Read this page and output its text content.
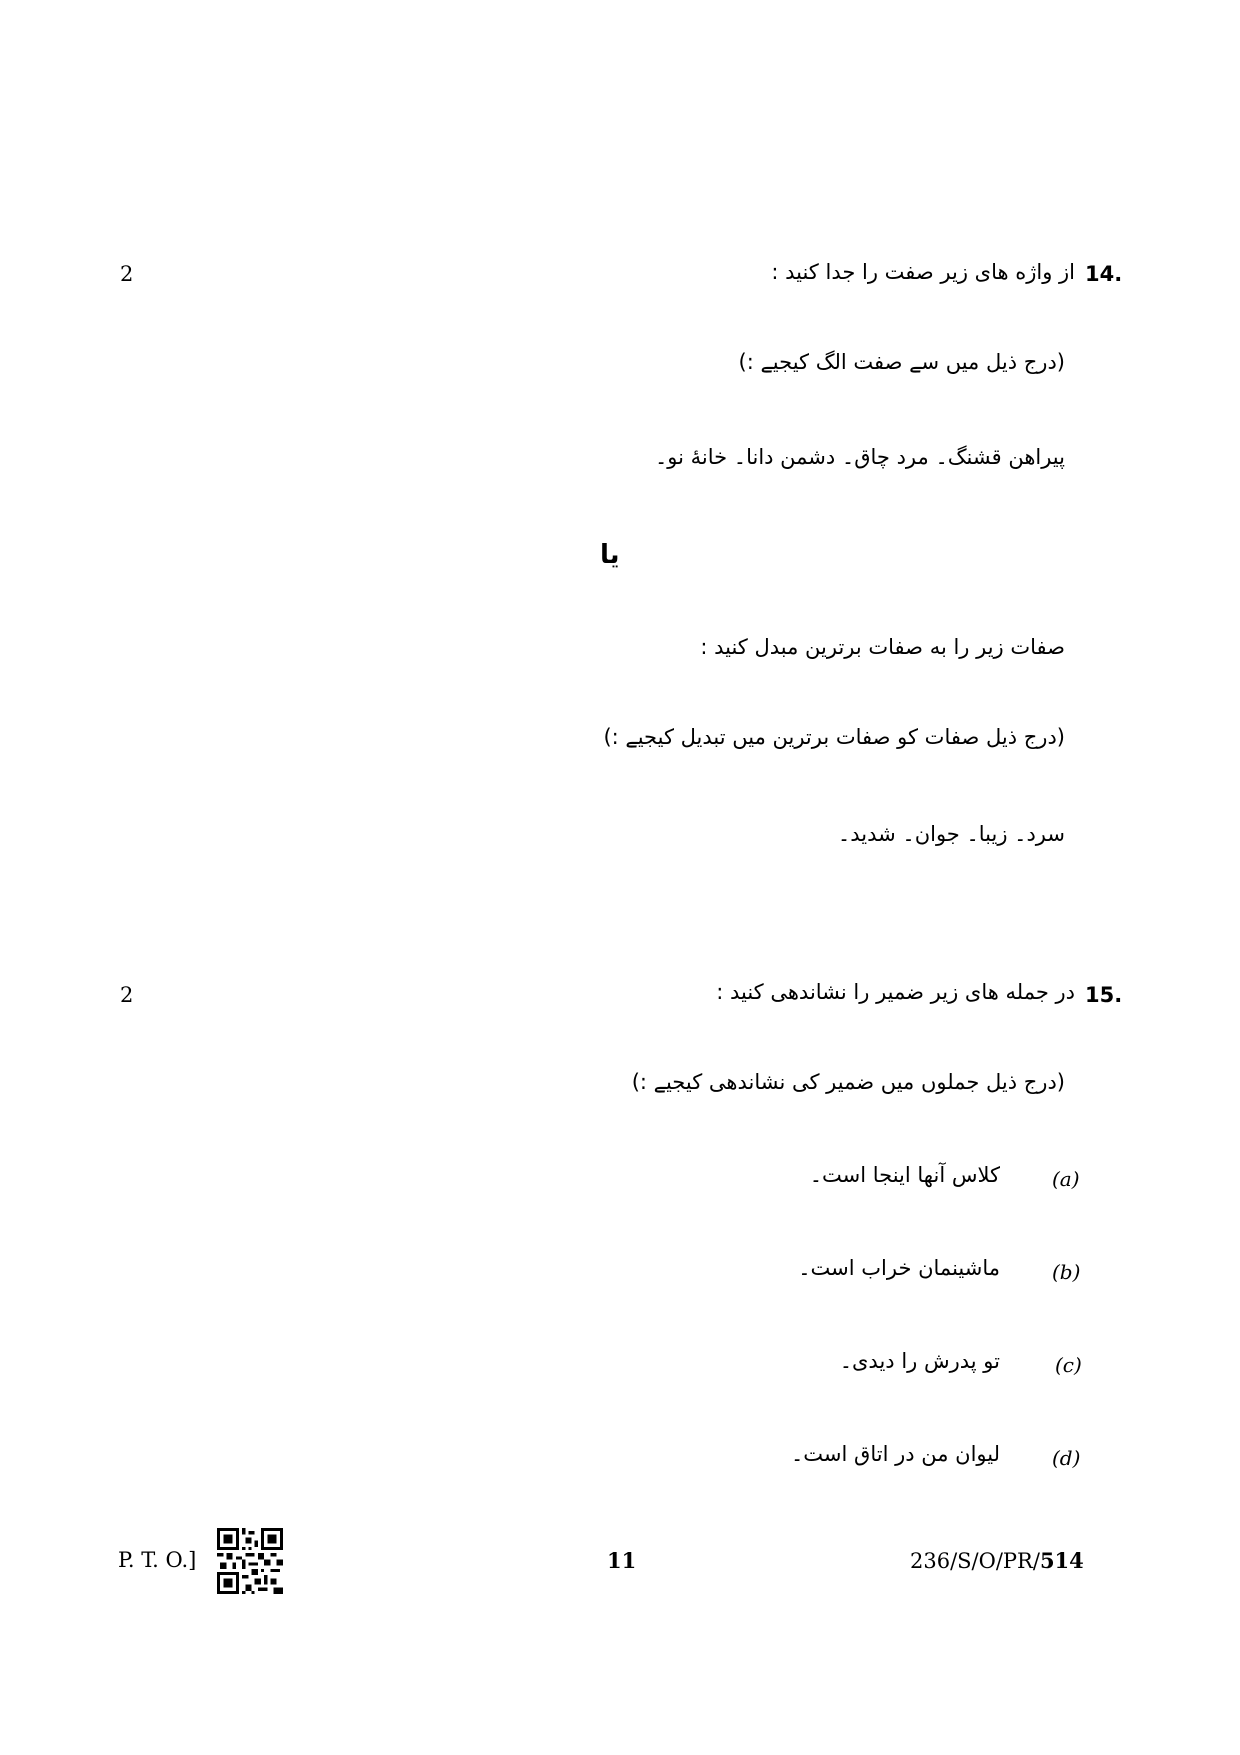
2	14.
از واژه های زیر صفت را جدا کنید :
(درج ذیل میں سے صفت الگ کیجیے :)
پیراهن قشنگ۔ مرد چاق۔ دشمن دانا۔ خانهٔ نو۔
یا
صفات زیر را به صفات برترین مبدل کنید :
(درج ذیل صفات کو صفات برترین میں تبدیل کیجیے :)
سرد۔ زیبا۔ جوان۔ شدید۔
2	15.
در جمله های زیر ضمیر را نشاندهی کنید :
(درج ذیل جملوں میں ضمیر کی نشاندهی کیجیے :)
(a)
کلاس آنها اینجا است۔
(b)
ماشینمان خراب است۔
(c)
تو پدرش را دیدی۔
(d)
لیوان من در اتاق است۔
P. T. O.]	11	236/S/O/PR/514
